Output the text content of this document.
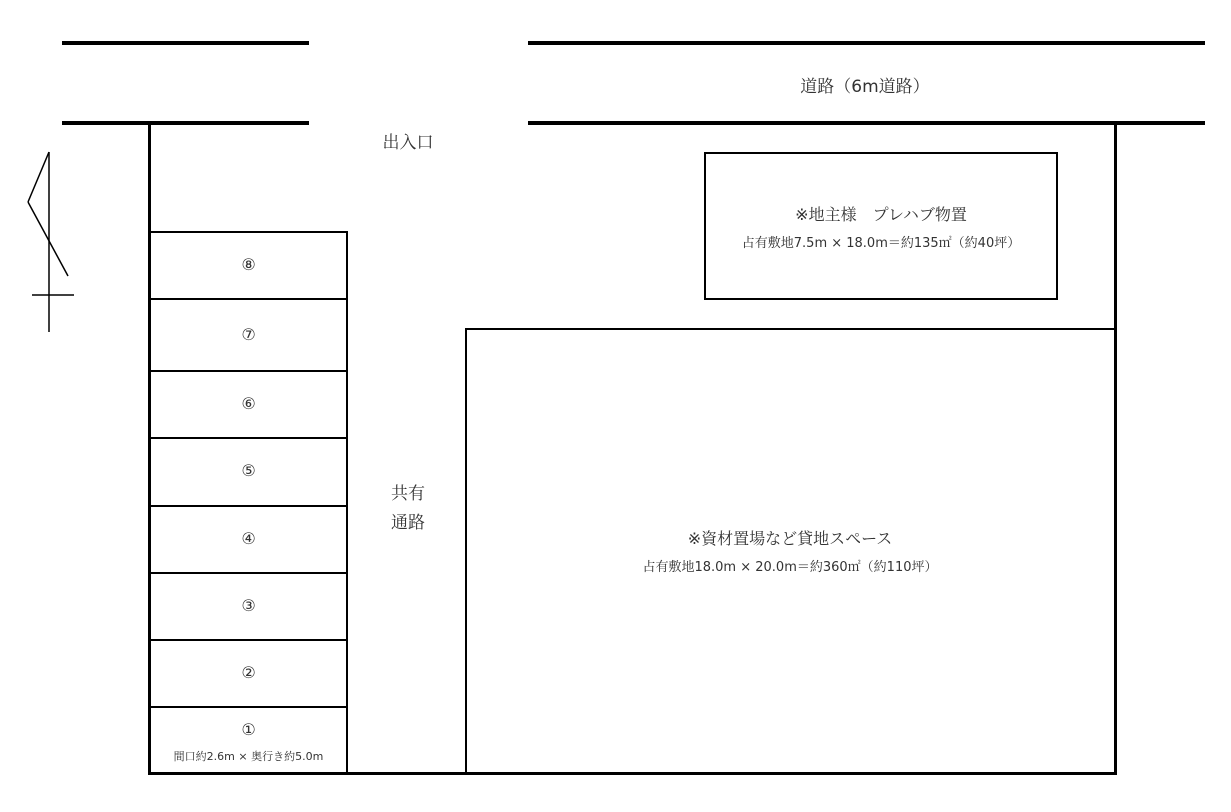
道路（6m道路）
出入口
⑧
⑦
⑥
⑤
④
③
②
①
間口約2.6m × 奥行き約5.0m
共有
通路
※地主様　プレハブ物置
占有敷地7.5m × 18.0m＝約135㎡（約40坪）
※資材置場など貸地スペース
占有敷地18.0m × 20.0m＝約360㎡（約110坪）
